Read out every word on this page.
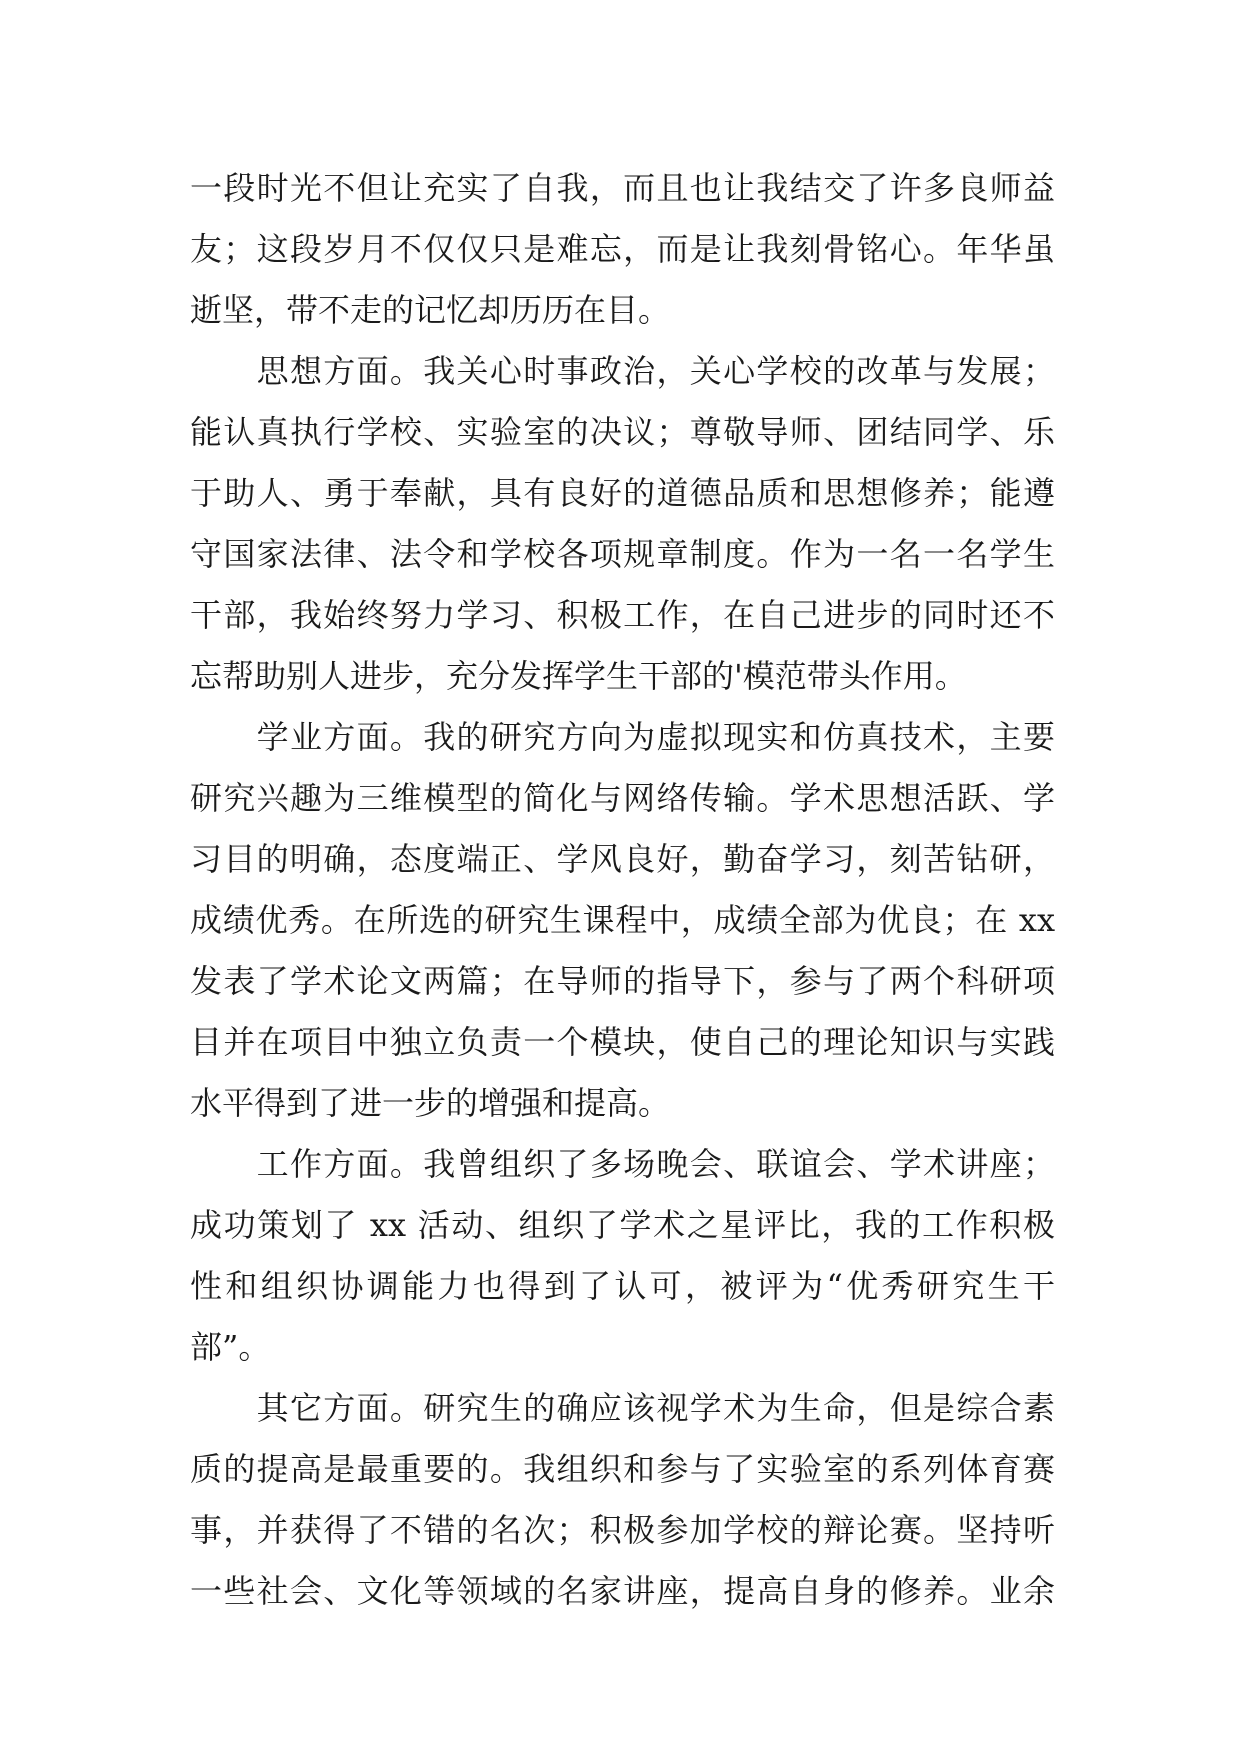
一段时光不但让充实了自我，而且也让我结交了许多良师益
友；这段岁月不仅仅只是难忘，而是让我刻骨铭心。年华虽
逝坚，带不走的记忆却历历在目。
　　思想方面。我关心时事政治，关心学校的改革与发展；
能认真执行学校、实验室的决议；尊敬导师、团结同学、乐
于助人、勇于奉献，具有良好的道德品质和思想修养；能遵
守国家法律、法令和学校各项规章制度。作为一名一名学生
干部，我始终努力学习、积极工作，在自己进步的同时还不
忘帮助别人进步，充分发挥学生干部的'模范带头作用。
　　学业方面。我的研究方向为虚拟现实和仿真技术，主要
研究兴趣为三维模型的简化与网络传输。学术思想活跃、学
习目的明确，态度端正、学风良好，勤奋学习，刻苦钻研，
成绩优秀。在所选的研究生课程中，成绩全部为优良；在 xx
发表了学术论文两篇；在导师的指导下，参与了两个科研项
目并在项目中独立负责一个模块，使自己的理论知识与实践
水平得到了进一步的增强和提高。
　　工作方面。我曾组织了多场晚会、联谊会、学术讲座；
成功策划了 xx 活动、组织了学术之星评比，我的工作积极
性和组织协调能力也得到了认可，被评为“优秀研究生干
部”。
　　其它方面。研究生的确应该视学术为生命，但是综合素
质的提高是最重要的。我组织和参与了实验室的系列体育赛
事，并获得了不错的名次；积极参加学校的辩论赛。坚持听
一些社会、文化等领域的名家讲座，提高自身的修养。业余
